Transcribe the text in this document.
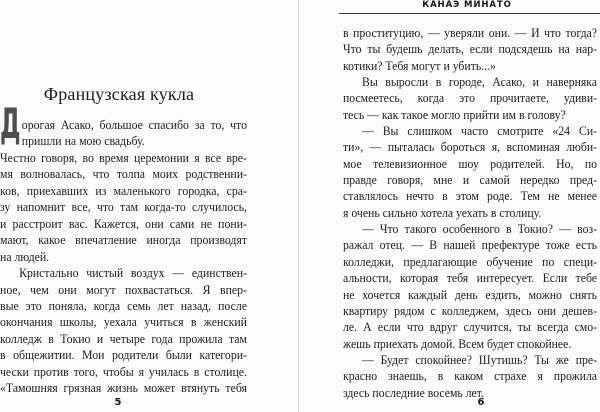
Французская кукла
Д орогая Асако, большое спасибо за то, что
пришли на мою свадьбу.
Честно говоря, во время церемонии я все вре-
мя волновалась, что толпа моих родственни-
ков, приехавших из маленького городка, сра-
зу напомнит все, что там когда-то случилось,
и расстроит вас. Кажется, они сами не пони-
мают, какое впечатление иногда производят
на людей.
Кристально чистый воздух — единствен-
ное, чем они могут похвастаться. Я впер-
вые это поняла, когда семь лет назад, после
окончания школы, уехала учиться в женский
колледж в Токио и четыре года прожила там
в общежитии. Мои родители были категори-
чески против того, чтобы я училась в столице.
«Тамошняя грязная жизнь может втянуть тебя
5
КАНАЭ МИНАТО
в проституцию, — уверяли они. — И что тогда?
Что ты будешь делать, если подсядешь на нар-
котики? Тебя могут и убить...»
Вы выросли в городе, Асако, и наверняка
посмеетесь, когда это прочитаете, удиви-
тесь — как такое могло прийти им в голову?
— Вы слишком часто смотрите «24 Си-
ти», — пыталась бороться я, вспоминая люби-
мое телевизионное шоу родителей. Но, по
правде говоря, мне и самой нередко пред-
ставлялось нечто в этом роде. Тем не менее
я очень сильно хотела уехать в столицу.
— Что такого особенного в Токио? — воз-
ражал отец. — В нашей префектуре тоже есть
колледжи, предлагающие обучение по специ-
альности, которая тебя интересует. Если тебе
не хочется каждый день ездить, можно снять
квартиру рядом с колледжем, здесь они дешев-
ле. А если что вдруг случится, ты всегда смо-
жешь приехать домой. Всем будет спокойнее.
— Будет спокойнее? Шутишь? Ты же пре-
красно знаешь, в каком страхе я прожила
здесь последние восемь лет.
6
